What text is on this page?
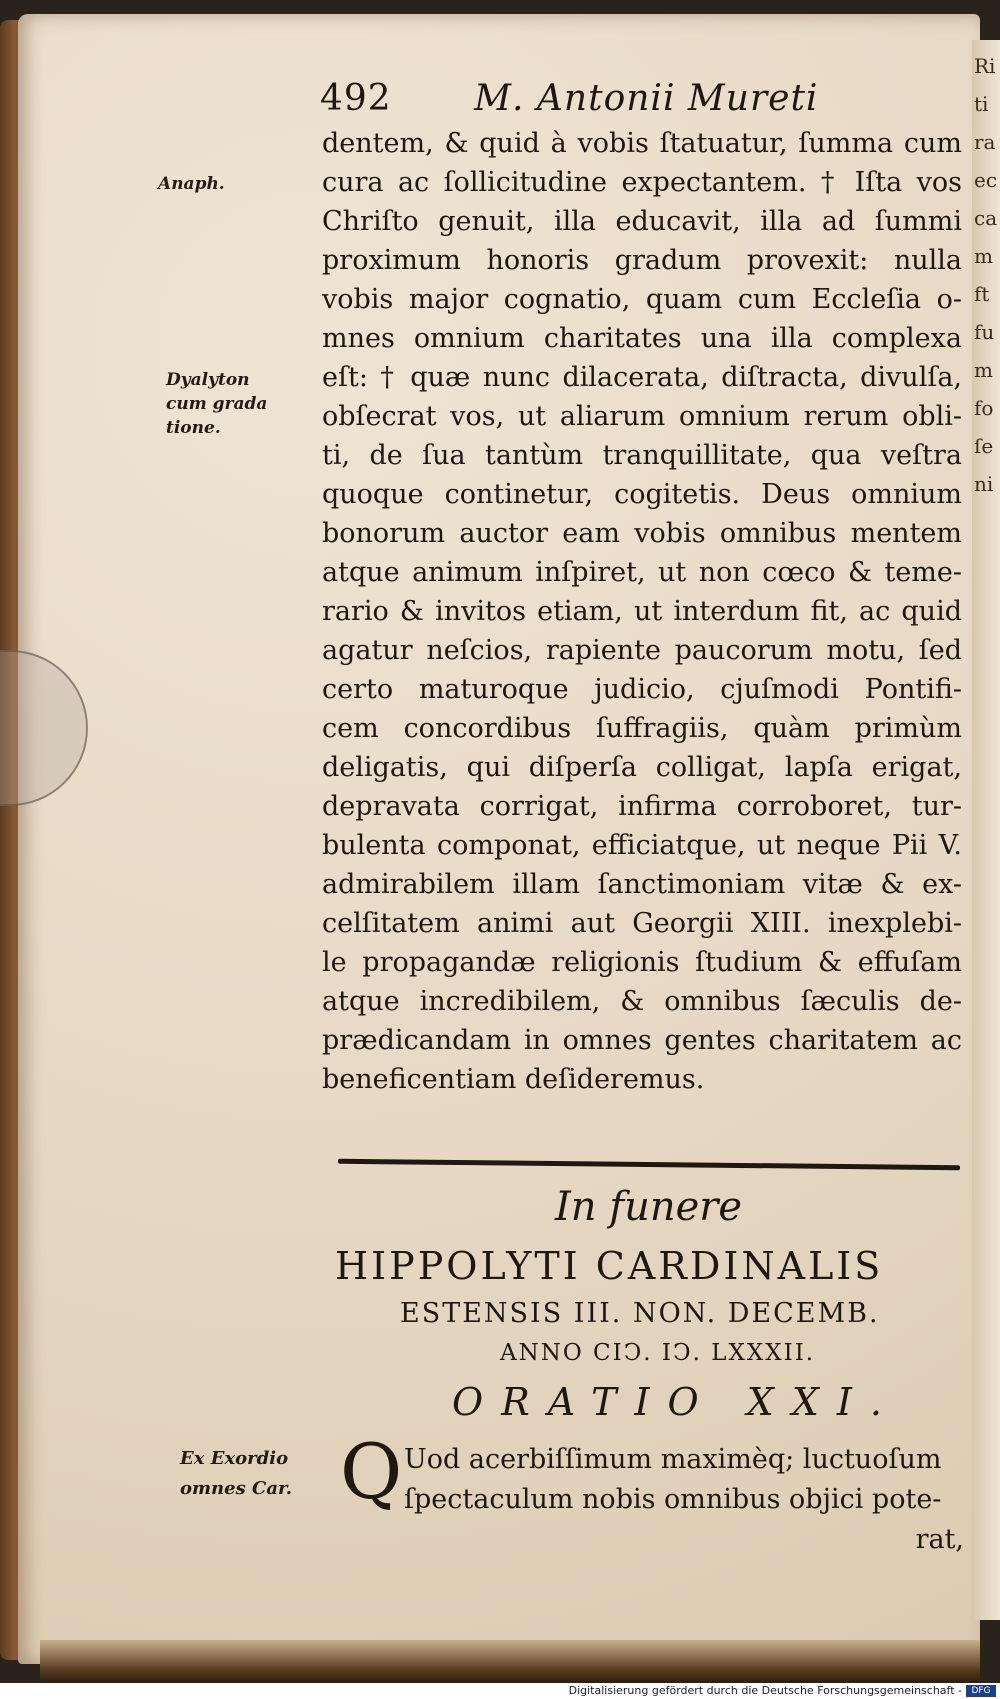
Ri
ti
ra
ec
ca
m
ft
fu
m
fo
ſe
ni
492 M. Antonii Mureti
Anaph.
Dyalyton
cum grada
tione.
Ex Exordio
omnes Car.
dentem, & quid à vobis ſtatuatur, ſumma cum
cura ac ſollicitudine expectantem. † Iſta vos
Chriſto genuit, illa educavit, illa ad ſummi
proximum honoris gradum provexit: nulla
vobis major cognatio, quam cum Eccleſia o-
mnes omnium charitates una illa complexa
eſt: † quæ nunc dilacerata, diſtracta, divulſa,
obſecrat vos, ut aliarum omnium rerum obli-
ti, de ſua tantùm tranquillitate, qua veſtra
quoque continetur, cogitetis. Deus omnium
bonorum auctor eam vobis omnibus mentem
atque animum inſpiret, ut non cœco & teme-
rario & invitos etiam, ut interdum fit, ac quid
agatur neſcios, rapiente paucorum motu, ſed
certo maturoque judicio, cjuſmodi Pontifi-
cem concordibus ſuffragiis, quàm primùm
deligatis, qui diſperſa colligat, lapſa erigat,
depravata corrigat, infirma corroboret, tur-
bulenta componat, efficiatque, ut neque Pii V.
admirabilem illam ſanctimoniam vitæ & ex-
celſitatem animi aut Georgii XIII. inexplebi-
le propagandæ religionis ſtudium & effuſam
atque incredibilem, & omnibus ſæculis de-
prædicandam in omnes gentes charitatem ac
beneficentiam deſideremus.
In funere
HIPPOLYTI CARDINALIS
ESTENSIS III. NON. DECEMB.
ANNO CIↃ. IↃ. LXXXII.
ORATIO XXI.
Q Uod acerbiſſimum maximèq; luctuoſum
ſpectaculum nobis omnibus objici pote-
rat,
Digitalisierung gefördert durch die Deutsche Forschungsgemeinschaft -	DFG
